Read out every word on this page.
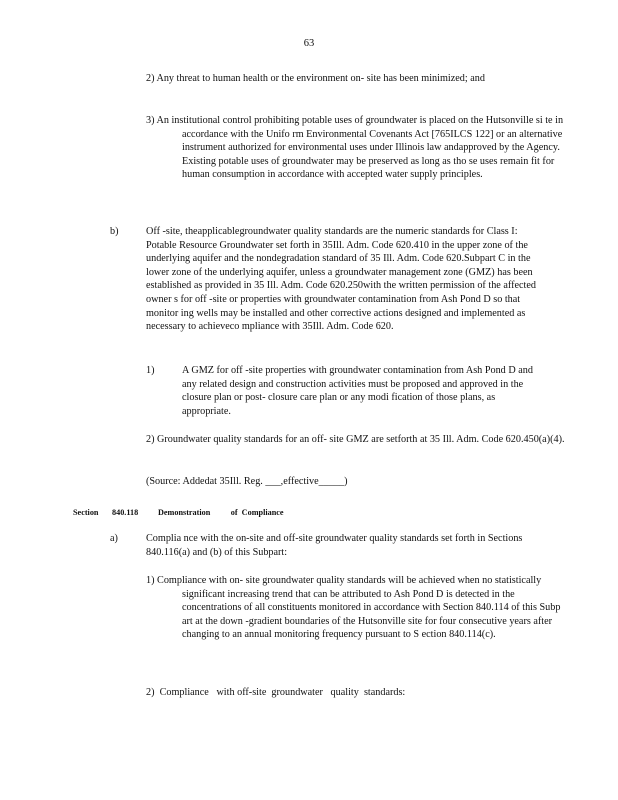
63
2) Any threat to human health or the environment on- site has been minimized; and
3) An institutional control prohibiting potable uses of groundwater is placed on the Hutsonville si te in accordance with the Unifo rm Environmental Covenants Act [765ILCS 122] or an alternative instrument authorized for environmental uses under Illinois law andapproved by the Agency. Existing potable uses of groundwater may be preserved as long as tho se uses remain fit for human consumption in accordance with accepted water supply principles.
b)	Off -site, theapplicablegroundwater quality standards are the numeric standards for Class I: Potable Resource Groundwater set forth in 35Ill. Adm. Code 620.410 in the upper zone of the underlying aquifer and the nondegradation standard of 35 Ill. Adm. Code 620.Subpart C in the lower zone of the underlying aquifer, unless a groundwater management zone (GMZ) has been established as provided in 35 Ill. Adm. Code 620.250with the written permission of the affected owner s for off -site or properties with groundwater contamination from Ash Pond D so that monitor ing wells may be installed and other corrective actions designed and implemented as necessary to achieveco mpliance with 35Ill. Adm. Code 620.
1)	A GMZ for off -site properties with groundwater contamination from Ash Pond D and any related design and construction activities must be proposed and approved in the closure plan or post- closure care plan or any modi fication of those plans, as appropriate.
2) Groundwater quality standards for an off- site GMZ are setforth at 35 Ill. Adm. Code 620.450(a)(4).
(Source: Addedat 35Ill. Reg. ___,effective_____)
Section 840.118 Demonstration          of  Compliance
a)	Complia nce with the on-site and off-site groundwater quality standards set forth in Sections 840.116(a) and (b) of this Subpart:
1) Compliance with on- site groundwater quality standards will be achieved when no statistically significant increasing trend that can be attributed to Ash Pond D is detected in the concentrations of all constituents monitored in accordance with Section 840.114 of this Subp art at the down -gradient boundaries of the Hutsonville site for four consecutive years after changing to an annual monitoring frequency pursuant to S ection 840.114(c).
2)  Compliance   with off-site  groundwater   quality  standards:
